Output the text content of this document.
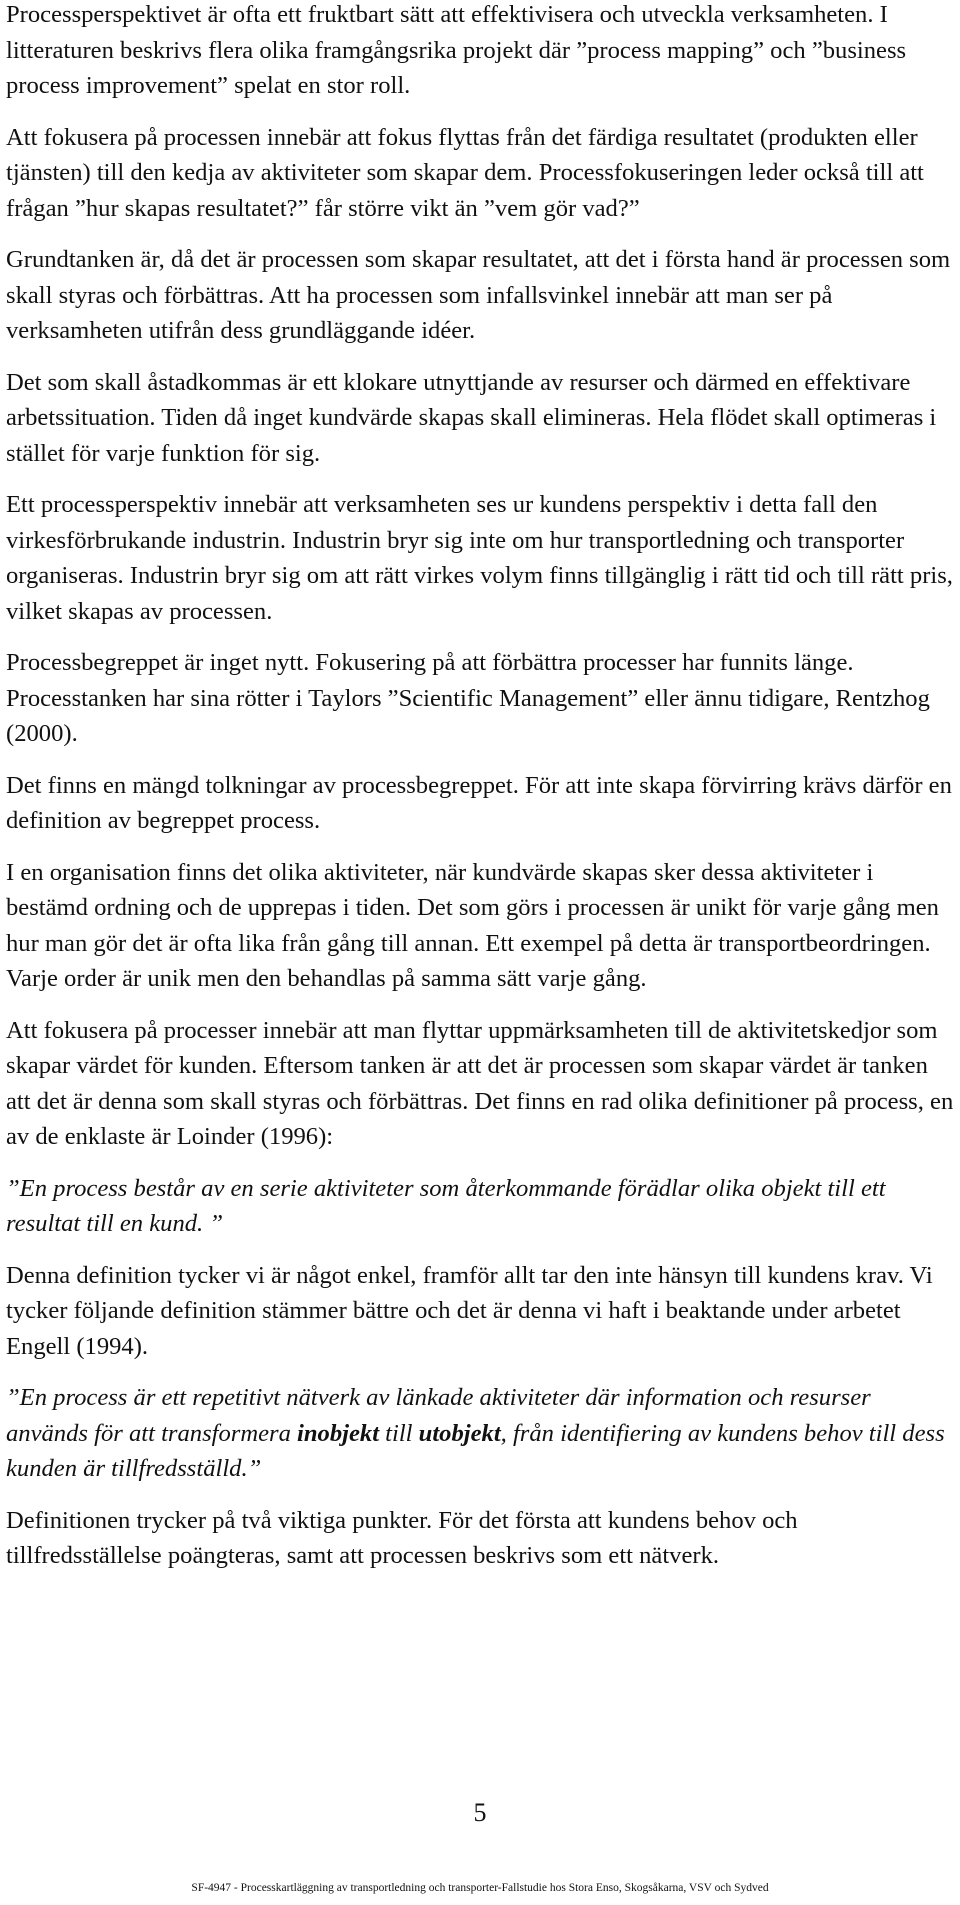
Processperspektivet är ofta ett fruktbart sätt att effektivisera och utveckla verksamheten. I litteraturen beskrivs flera olika framgångsrika projekt där ”process mapping” och ”business process improvement” spelat en stor roll.

Att fokusera på processen innebär att fokus flyttas från det färdiga resultatet (produkten eller tjänsten) till den kedja av aktiviteter som skapar dem. Processfokuseringen leder också till att frågan ”hur skapas resultatet?” får större vikt än ”vem gör vad?”

Grundtanken är, då det är processen som skapar resultatet, att det i första hand är processen som skall styras och förbättras. Att ha processen som infallsvinkel innebär att man ser på verksamheten utifrån dess grundläggande idéer.

Det som skall åstadkommas är ett klokare utnyttjande av resurser och därmed en effektivare arbetssituation. Tiden då inget kundvärde skapas skall elimineras. Hela flödet skall optimeras i stället för varje funktion för sig.

Ett processperspektiv innebär att verksamheten ses ur kundens perspektiv i detta fall den virkesförbrukande industrin. Industrin bryr sig inte om hur transportledning och transporter organiseras. Industrin bryr sig om att rätt virkes volym finns tillgänglig i rätt tid och till rätt pris, vilket skapas av processen.

Processbegreppet är inget nytt. Fokusering på att förbättra processer har funnits länge. Processtanken har sina rötter i Taylors ”Scientific Management” eller ännu tidigare, Rentzhog (2000).

Det finns en mängd tolkningar av processbegreppet. För att inte skapa förvirring krävs därför en definition av begreppet process.

I en organisation finns det olika aktiviteter, när kundvärde skapas sker dessa aktiviteter i bestämd ordning och de upprepas i tiden. Det som görs i processen är unikt för varje gång men hur man gör det är ofta lika från gång till annan. Ett exempel på detta är transportbeordringen. Varje order är unik men den behandlas på samma sätt varje gång.

Att fokusera på processer innebär att man flyttar uppmärksamheten till de aktivitetskedjor som skapar värdet för kunden. Eftersom tanken är att det är processen som skapar värdet är tanken att det är denna som skall styras och förbättras. Det finns en rad olika definitioner på process, en av de enklaste är Loinder (1996):

”En process består av en serie aktiviteter som återkommande förädlar olika objekt till ett resultat till en kund. ”

Denna definition tycker vi är något enkel, framför allt tar den inte hänsyn till kundens krav. Vi tycker följande definition stämmer bättre och det är denna vi haft i beaktande under arbetet Engell (1994).

”En process är ett repetitivt nätverk av länkade aktiviteter där information och resurser används för att transformera inobjekt till utobjekt, från identifiering av kundens behov till dess kunden är tillfredsställd.”

Definitionen trycker på två viktiga punkter. För det första att kundens behov och tillfredsställelse poängteras, samt att processen beskrivs som ett nätverk.

5
SF-4947 - Processkartläggning av transportledning och transporter-Fallstudie hos Stora Enso, Skogsåkarna, VSV och Sydved
